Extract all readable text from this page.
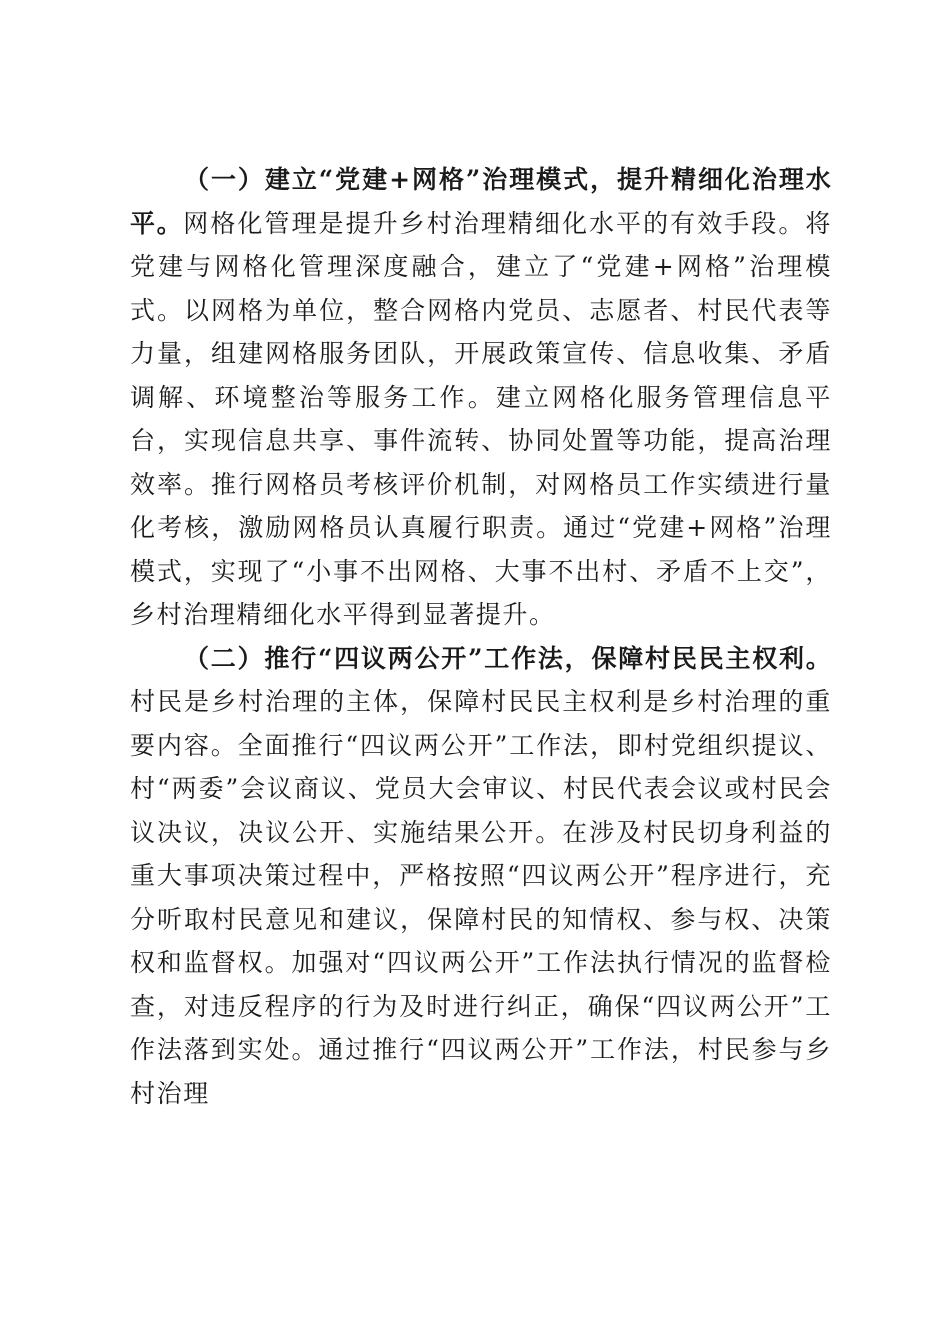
（一）建立“党建+网格”治理模式，提升精细化治理水平。网格化管理是提升乡村治理精细化水平的有效手段。将党建与网格化管理深度融合，建立了“党建+网格”治理模式。以网格为单位，整合网格内党员、志愿者、村民代表等力量，组建网格服务团队，开展政策宣传、信息收集、矛盾调解、环境整治等服务工作。建立网格化服务管理信息平台，实现信息共享、事件流转、协同处置等功能，提高治理效率。推行网格员考核评价机制，对网格员工作实绩进行量化考核，激励网格员认真履行职责。通过“党建+网格”治理模式，实现了“小事不出网格、大事不出村、矛盾不上交”，乡村治理精细化水平得到显著提升。

（二）推行“四议两公开”工作法，保障村民民主权利。村民是乡村治理的主体，保障村民民主权利是乡村治理的重要内容。全面推行“四议两公开”工作法，即村党组织提议、村“两委”会议商议、党员大会审议、村民代表会议或村民会议决议，决议公开、实施结果公开。在涉及村民切身利益的重大事项决策过程中，严格按照“四议两公开”程序进行，充分听取村民意见和建议，保障村民的知情权、参与权、决策权和监督权。加强对“四议两公开”工作法执行情况的监督检查，对违反程序的行为及时进行纠正，确保“四议两公开”工作法落到实处。通过推行“四议两公开”工作法，村民参与乡村治理
